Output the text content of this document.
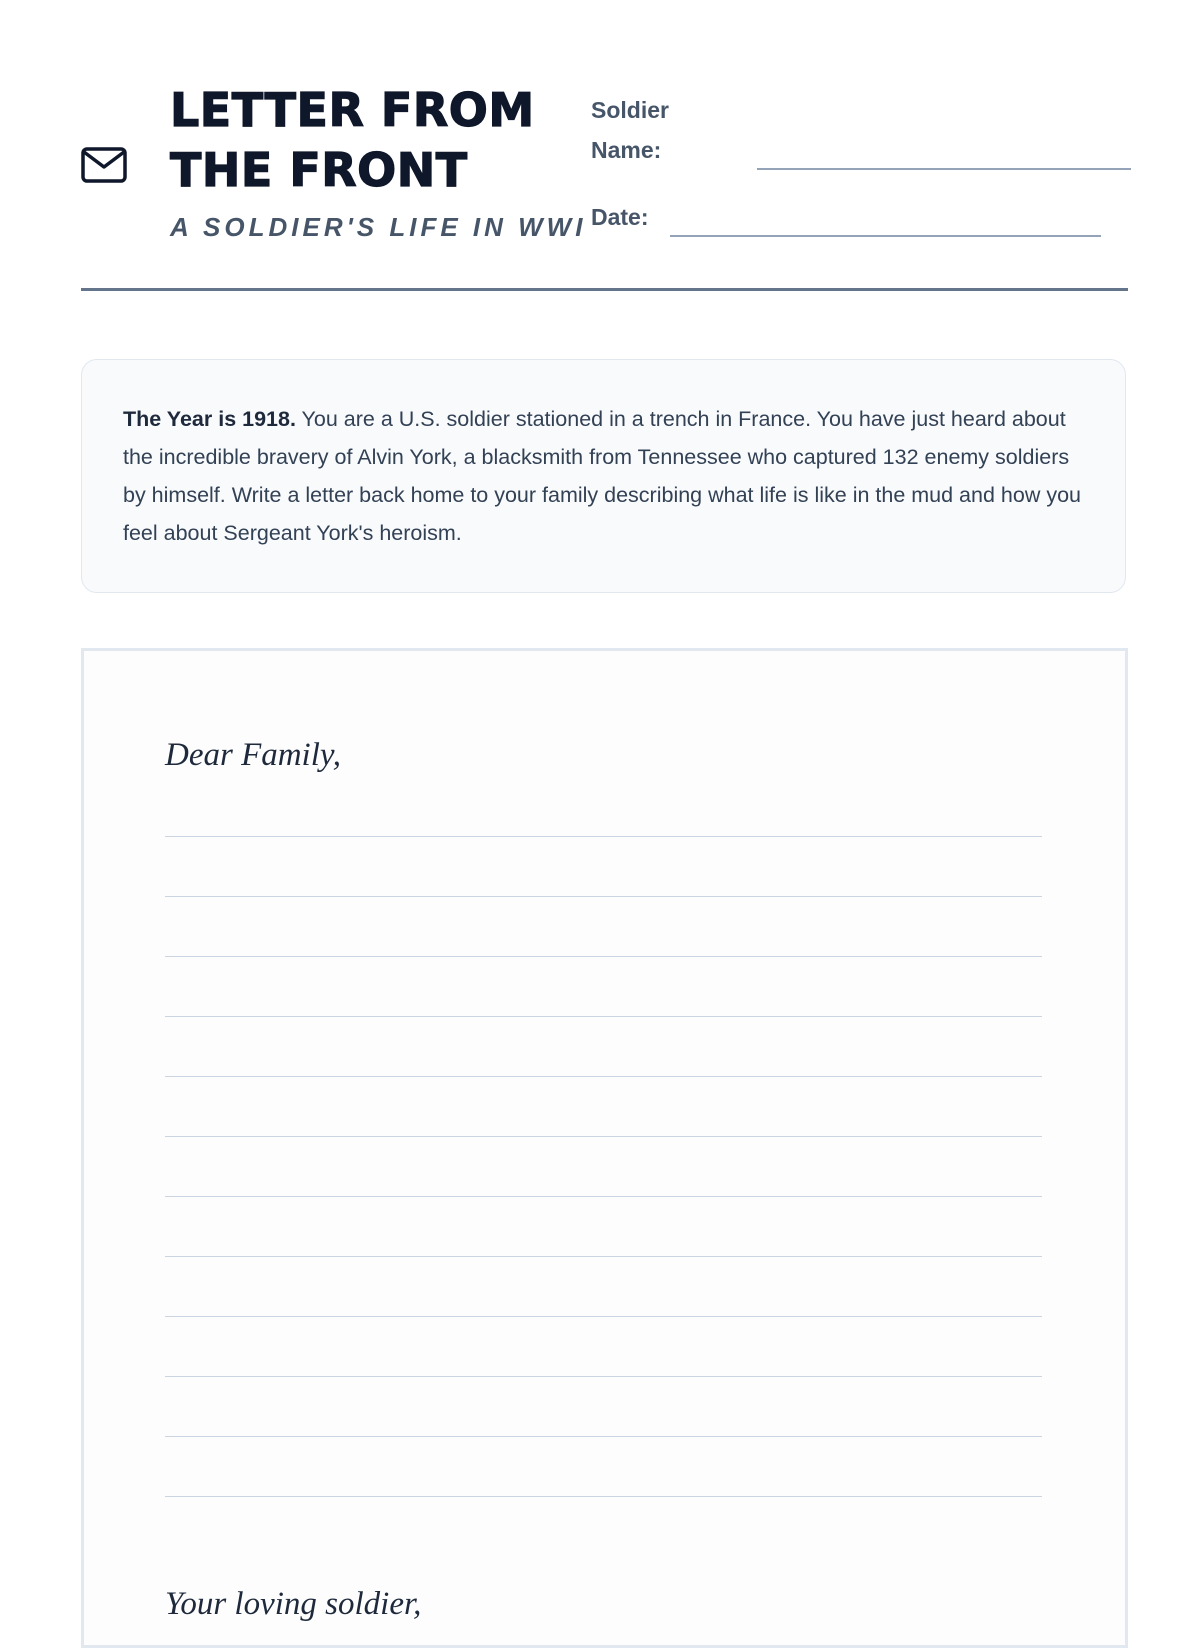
LETTER FROM THE FRONT
A SOLDIER'S LIFE IN WWI
Soldier Name:
Date:

The Year is 1918. You are a U.S. soldier stationed in a trench in France. You have just heard about the incredible bravery of Alvin York, a blacksmith from Tennessee who captured 132 enemy soldiers by himself. Write a letter back home to your family describing what life is like in the mud and how you feel about Sergeant York's heroism.

Dear Family,
Your loving soldier,
